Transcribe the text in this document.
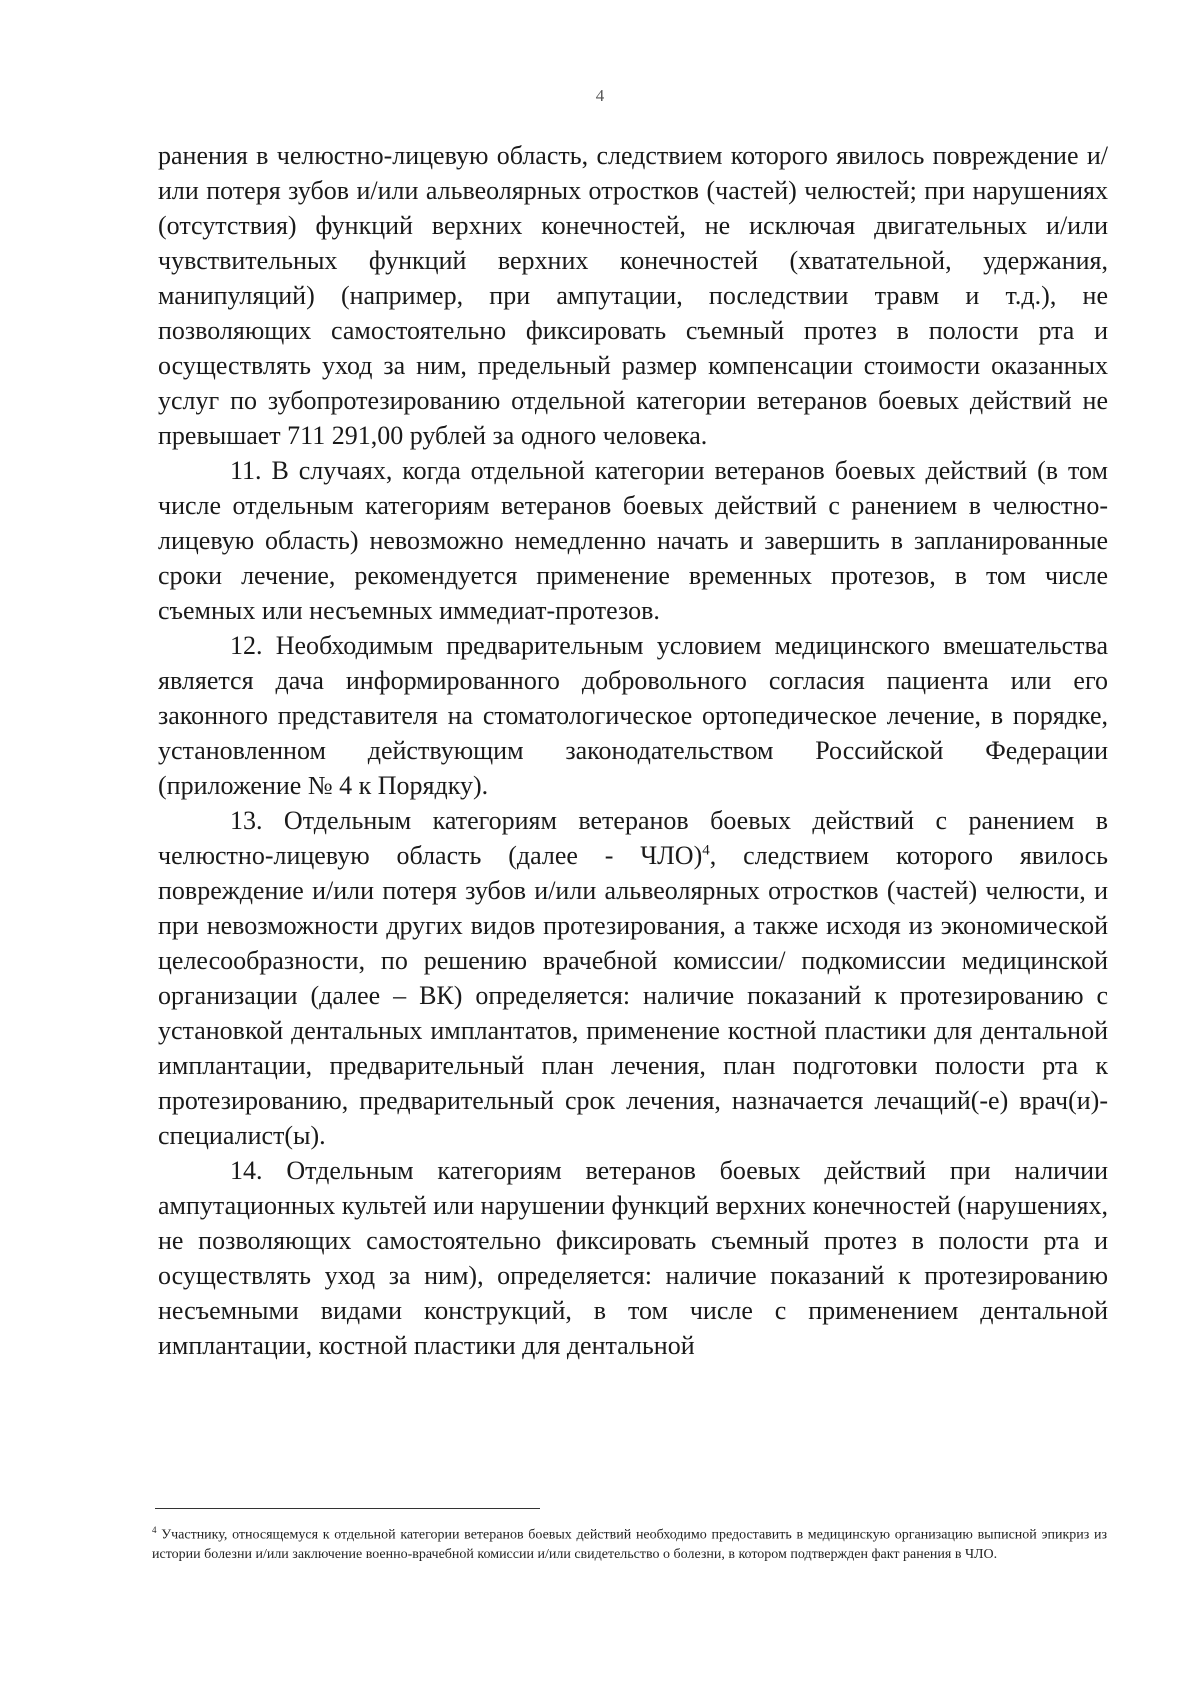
4

ранения в челюстно-лицевую область, следствием которого явилось повреждение и/или потеря зубов и/или альвеолярных отростков (частей) челюстей; при нарушениях (отсутствия) функций верхних конечностей, не исключая двигательных и/или чувствительных функций верхних конечностей (хватательной, удержания, манипуляций) (например, при ампутации, последствии травм и т.д.), не позволяющих самостоятельно фиксировать съемный протез в полости рта и осуществлять уход за ним, предельный размер компенсации стоимости оказанных услуг по зубопротезированию отдельной категории ветеранов боевых действий не превышает 711 291,00 рублей за одного человека.

11. В случаях, когда отдельной категории ветеранов боевых действий (в том числе отдельным категориям ветеранов боевых действий с ранением в челюстно-лицевую область) невозможно немедленно начать и завершить в запланированные сроки лечение, рекомендуется применение временных протезов, в том числе съемных или несъемных иммедиат-протезов.

12. Необходимым предварительным условием медицинского вмешательства является дача информированного добровольного согласия пациента или его законного представителя на стоматологическое ортопедическое лечение, в порядке, установленном действующим законодательством Российской Федерации (приложение № 4 к Порядку).

13. Отдельным категориям ветеранов боевых действий с ранением в челюстно-лицевую область (далее - ЧЛО)$^4$, следствием которого явилось повреждение и/или потеря зубов и/или альвеолярных отростков (частей) челюсти, и при невозможности других видов протезирования, а также исходя из экономической целесообразности, по решению врачебной комиссии/ подкомиссии медицинской организации (далее – ВК) определяется: наличие показаний к протезированию с установкой дентальных имплантатов, применение костной пластики для дентальной имплантации, предварительный план лечения, план подготовки полости рта к протезированию, предварительный срок лечения, назначается лечащий(-е) врач(и)- специалист(ы).

14. Отдельным категориям ветеранов боевых действий при наличии ампутационных культей или нарушении функций верхних конечностей (нарушениях, не позволяющих самостоятельно фиксировать съемный протез в полости рта и осуществлять уход за ним), определяется: наличие показаний к протезированию несъемными видами конструкций, в том числе с применением дентальной имплантации, костной пластики для дентальной

$^4$ Участнику, относящемуся к отдельной категории ветеранов боевых действий необходимо предоставить в медицинскую организацию выписной эпикриз из истории болезни и/или заключение военно-врачебной комиссии и/или свидетельство о болезни, в котором подтвержден факт ранения в ЧЛО.
